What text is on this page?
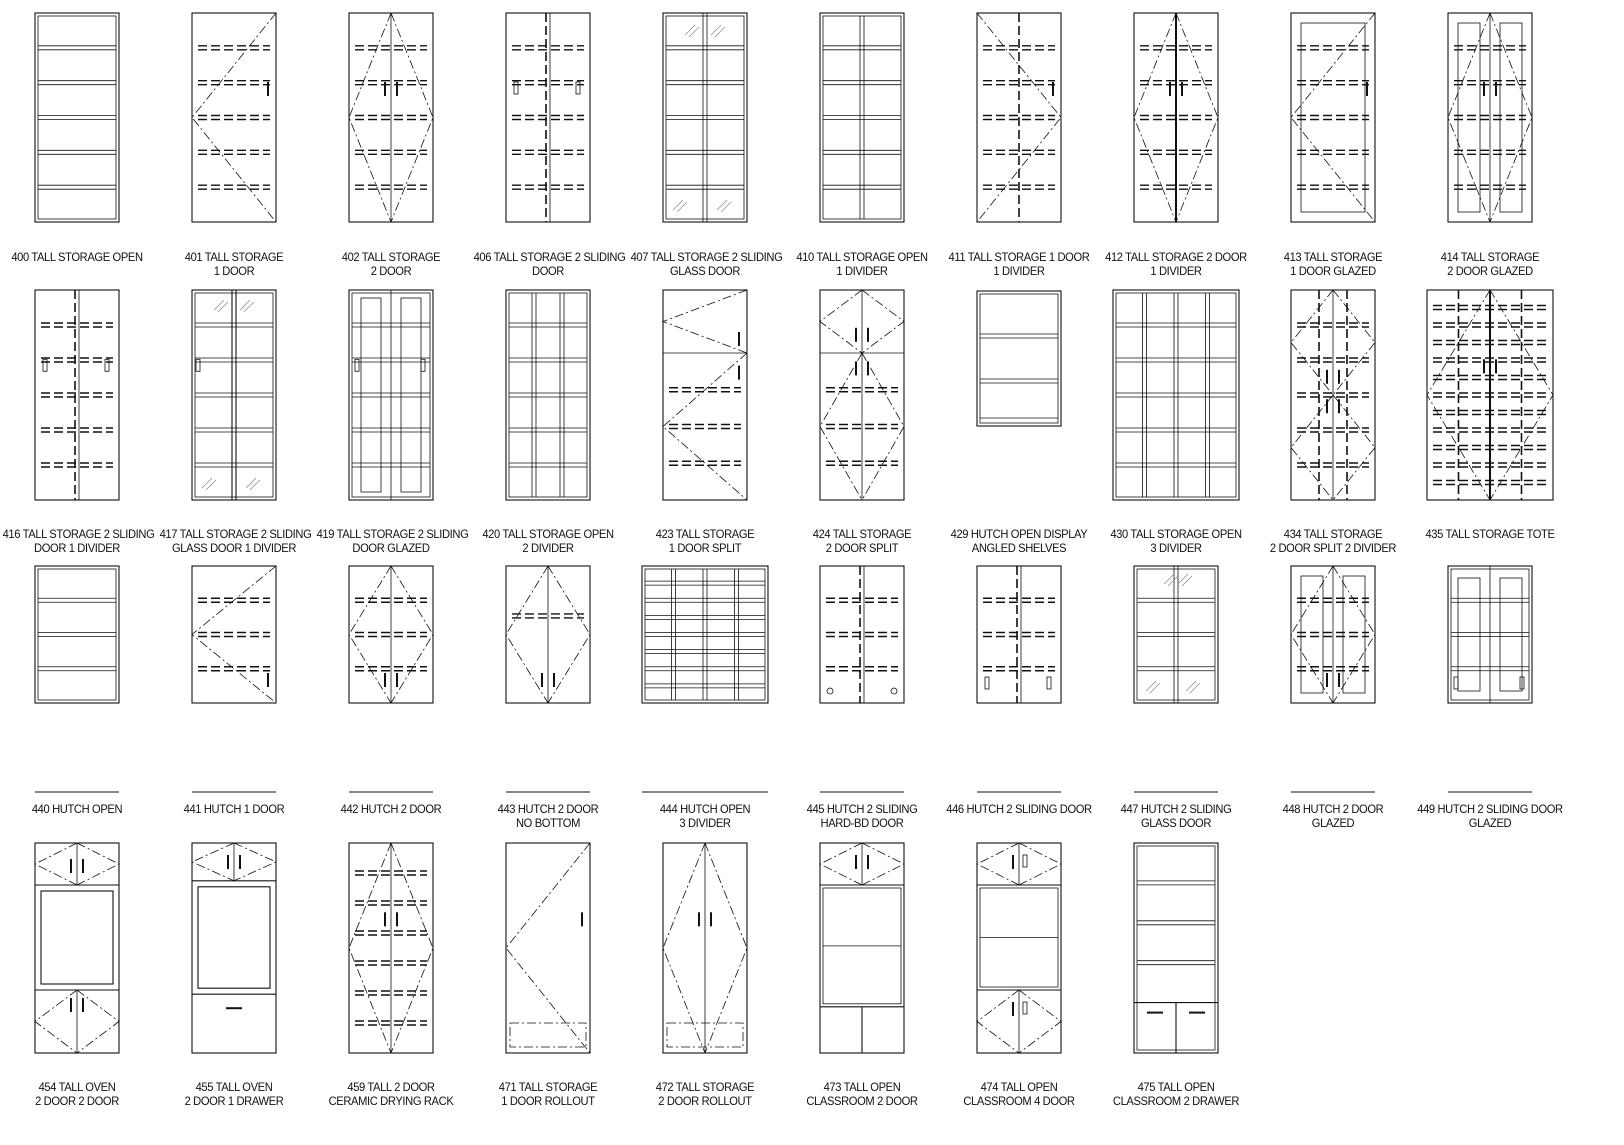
400 TALL STORAGE OPEN	401 TALL STORAGE
1 DOOR
402 TALL STORAGE
2 DOOR
406 TALL STORAGE 2 SLIDING
DOOR
407 TALL STORAGE 2 SLIDING
GLASS DOOR
410 TALL STORAGE OPEN
1 DIVIDER
411 TALL STORAGE 1 DOOR
1 DIVIDER
412 TALL STORAGE 2 DOOR
1 DIVIDER
413 TALL STORAGE
1 DOOR GLAZED
414 TALL STORAGE
2 DOOR GLAZED
416 TALL STORAGE 2 SLIDING
DOOR 1 DIVIDER
417 TALL STORAGE 2 SLIDING
GLASS DOOR 1 DIVIDER
419 TALL STORAGE 2 SLIDING
DOOR GLAZED
420 TALL STORAGE OPEN
2 DIVIDER
423 TALL STORAGE
1 DOOR SPLIT
424 TALL STORAGE
2 DOOR SPLIT
429 HUTCH OPEN DISPLAY
ANGLED SHELVES
430 TALL STORAGE OPEN
3 DIVIDER
434 TALL STORAGE
2 DOOR SPLIT 2 DIVIDER
435 TALL STORAGE TOTE
440 HUTCH OPEN	441 HUTCH 1 DOOR	442 HUTCH 2 DOOR	443 HUTCH 2 DOOR
NO BOTTOM
444 HUTCH OPEN
3 DIVIDER
445 HUTCH 2 SLIDING
HARD-BD DOOR
446 HUTCH 2 SLIDING DOOR	447 HUTCH 2 SLIDING
GLASS DOOR
448 HUTCH 2 DOOR
GLAZED
449 HUTCH 2 SLIDING DOOR
GLAZED
454 TALL OVEN
2 DOOR 2 DOOR
455 TALL OVEN
2 DOOR 1 DRAWER
459 TALL 2 DOOR
CERAMIC DRYING RACK
471 TALL STORAGE
1 DOOR ROLLOUT
472 TALL STORAGE
2 DOOR ROLLOUT
473 TALL OPEN
CLASSROOM 2 DOOR
474 TALL OPEN
CLASSROOM 4 DOOR
475 TALL OPEN
CLASSROOM 2 DRAWER
